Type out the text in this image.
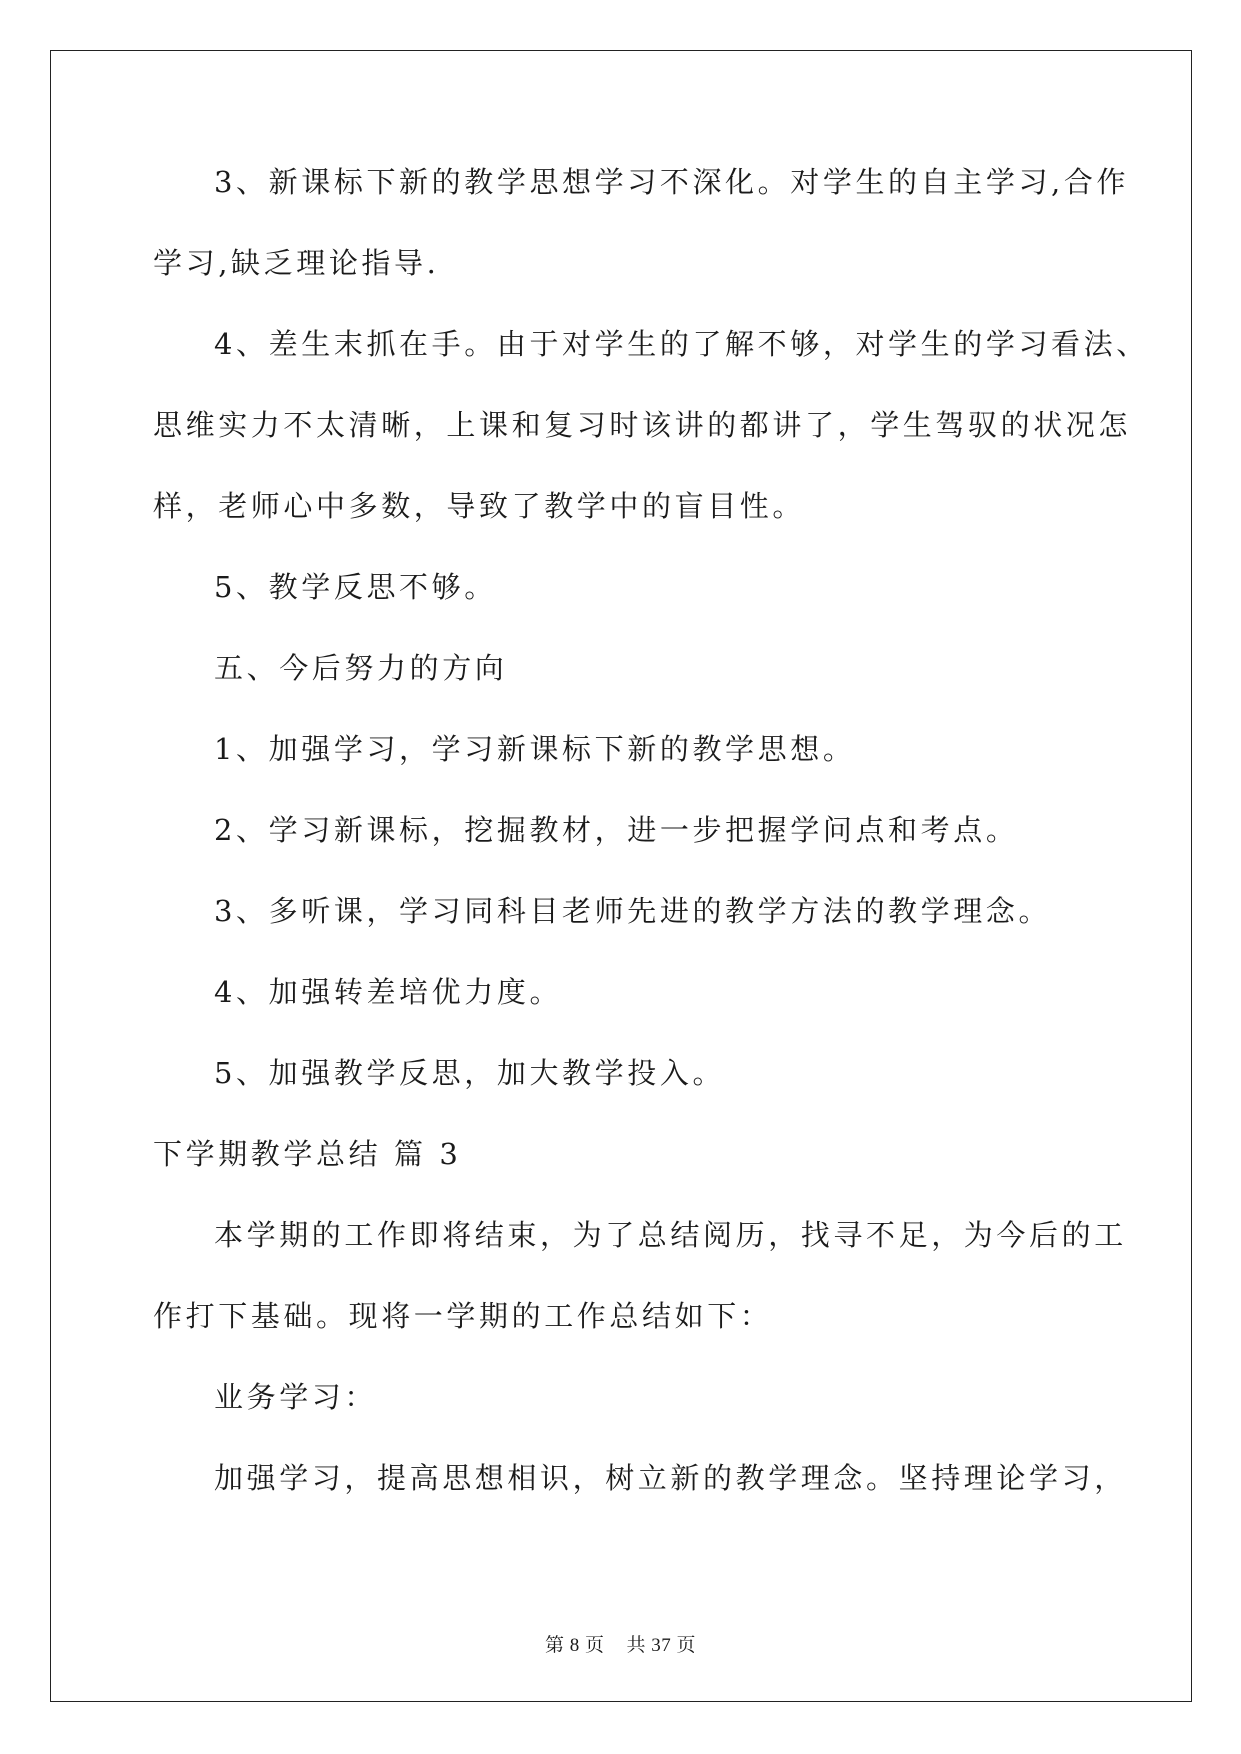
3、新课标下新的教学思想学习不深化。对学生的自主学习,合作
学习,缺乏理论指导.
4、差生末抓在手。由于对学生的了解不够，对学生的学习看法、
思维实力不太清晰，上课和复习时该讲的都讲了，学生驾驭的状况怎
样，老师心中多数，导致了教学中的盲目性。
5、教学反思不够。
五、今后努力的方向
1、加强学习，学习新课标下新的教学思想。
2、学习新课标，挖掘教材，进一步把握学问点和考点。
3、多听课，学习同科目老师先进的教学方法的教学理念。
4、加强转差培优力度。
5、加强教学反思，加大教学投入。
下学期教学总结 篇 3
本学期的工作即将结束，为了总结阅历，找寻不足，为今后的工
作打下基础。现将一学期的工作总结如下：
业务学习：
加强学习，提高思想相识，树立新的教学理念。坚持理论学习，
第 8 页 共 37 页
